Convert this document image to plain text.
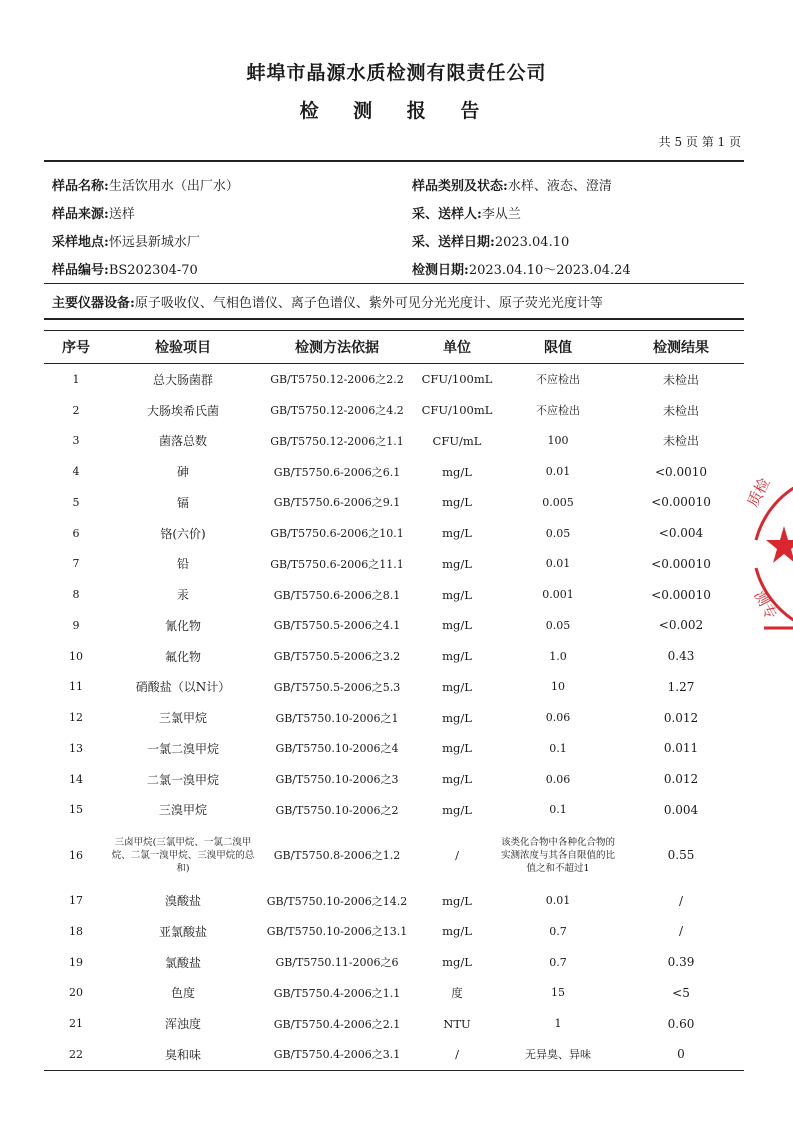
蚌埠市晶源水质检测有限责任公司
检 测 报 告
共 5 页 第 1 页
样品名称:生活饮用水（出厂水）	样品类别及状态:水样、液态、澄清
样品来源:送样	采、送样人:李从兰
采样地点:怀远县新城水厂	采、送样日期:2023.04.10
样品编号:BS202304-70	检测日期:2023.04.10～2023.04.24
主要仪器设备:原子吸收仪、气相色谱仪、离子色谱仪、紫外可见分光光度计、原子荧光光度计等
序号	检验项目	检测方法依据	单位	限值	检测结果
1	总大肠菌群	GB/T5750.12-2006之2.2	CFU/100mL	不应检出	未检出
2	大肠埃希氏菌	GB/T5750.12-2006之4.2	CFU/100mL	不应检出	未检出
3	菌落总数	GB/T5750.12-2006之1.1	CFU/mL	100	未检出
4	砷	GB/T5750.6-2006之6.1	mg/L	0.01	<0.0010
5	镉	GB/T5750.6-2006之9.1	mg/L	0.005	<0.00010
6	铬(六价)	GB/T5750.6-2006之10.1	mg/L	0.05	<0.004
7	铅	GB/T5750.6-2006之11.1	mg/L	0.01	<0.00010
8	汞	GB/T5750.6-2006之8.1	mg/L	0.001	<0.00010
9	氰化物	GB/T5750.5-2006之4.1	mg/L	0.05	<0.002
10	氟化物	GB/T5750.5-2006之3.2	mg/L	1.0	0.43
11	硝酸盐（以N计）	GB/T5750.5-2006之5.3	mg/L	10	1.27
12	三氯甲烷	GB/T5750.10-2006之1	mg/L	0.06	0.012
13	一氯二溴甲烷	GB/T5750.10-2006之4	mg/L	0.1	0.011
14	二氯一溴甲烷	GB/T5750.10-2006之3	mg/L	0.06	0.012
15	三溴甲烷	GB/T5750.10-2006之2	mg/L	0.1	0.004
16	三卤甲烷(三氯甲烷、一氯二溴甲烷、二氯一溴甲烷、三溴甲烷的总和)	GB/T5750.8-2006之1.2	/	该类化合物中各种化合物的实测浓度与其各自限值的比值之和不超过1	0.55
17	溴酸盐	GB/T5750.10-2006之14.2	mg/L	0.01	/
18	亚氯酸盐	GB/T5750.10-2006之13.1	mg/L	0.7	/
19	氯酸盐	GB/T5750.11-2006之6	mg/L	0.7	0.39
20	色度	GB/T5750.4-2006之1.1	度	15	<5
21	浑浊度	GB/T5750.4-2006之2.1	NTU	1	0.60
22	臭和味	GB/T5750.4-2006之3.1	/	无异臭、异味	0
质检
测专
